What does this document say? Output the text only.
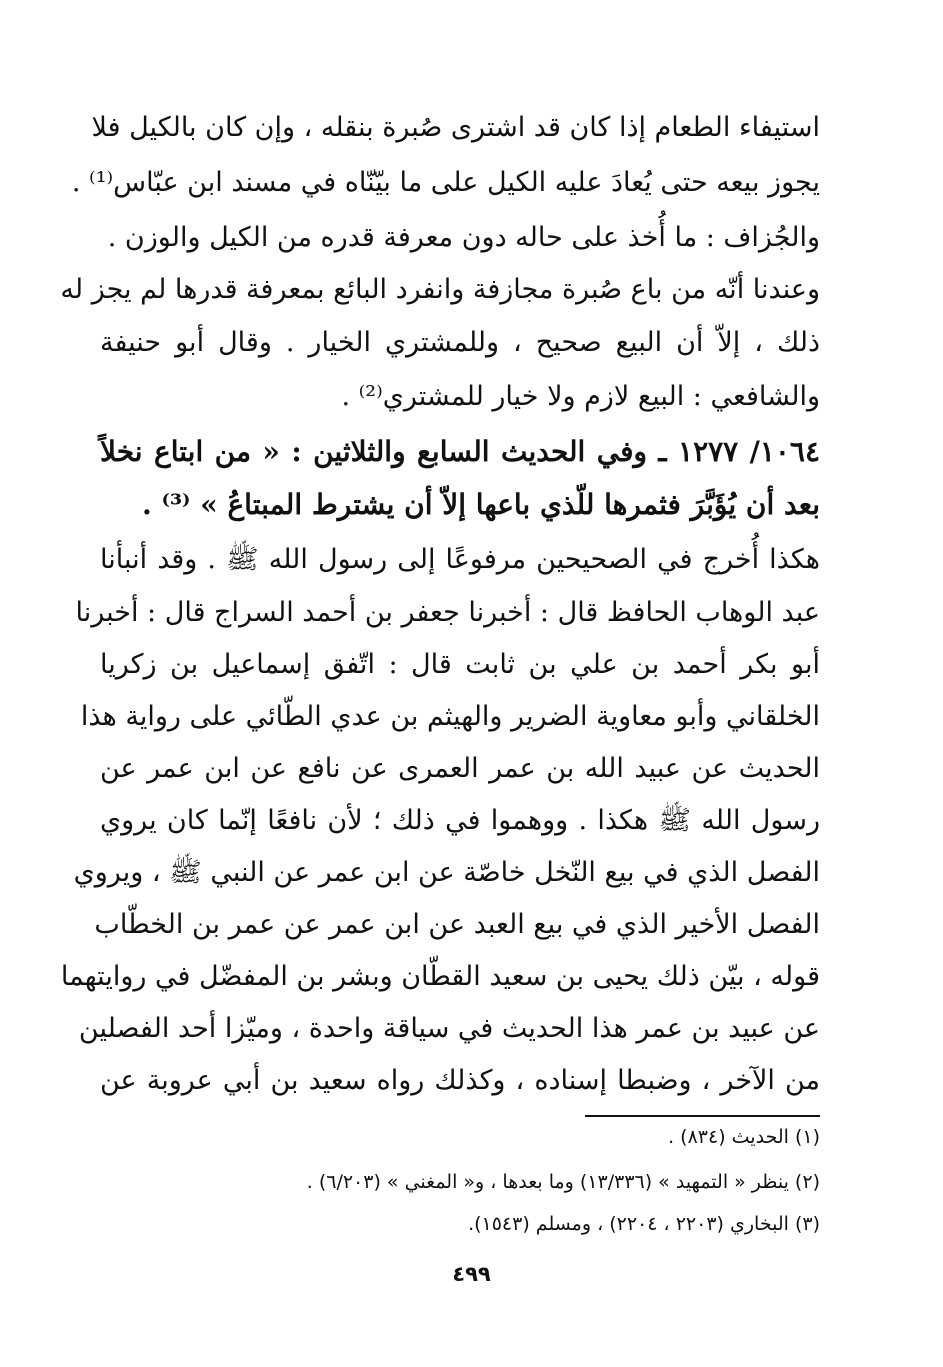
استيفاء الطعام إذا كان قد اشترى صُبرة بنقله ، وإن كان بالكيل فلا
يجوز بيعه حتى يُعادَ عليه الكيل على ما بيّنّاه في مسند ابن عبّاس⁽¹⁾ .
والجُزاف : ما أُخذ على حاله دون معرفة قدره من الكيل والوزن .
وعندنا أنّه من باع صُبرة مجازفة وانفرد البائع بمعرفة قدرها لم يجز له
ذلك ، إلاّ أن البيع صحيح ، وللمشتري الخيار . وقال أبو حنيفة
والشافعي : البيع لازم ولا خيار للمشتري⁽²⁾ .
١٠٦٤/ ١٢٧٧ ـ وفي الحديث السابع والثلاثين : « من ابتاع نخلاً
بعد أن يُؤَبَّرَ فثمرها للّذي باعها إلاّ أن يشترط المبتاعُ » ⁽³⁾ .
هكذا أُخرج في الصحيحين مرفوعًا إلى رسول الله ﷺ . وقد أنبأنا
عبد الوهاب الحافظ قال : أخبرنا جعفر بن أحمد السراج قال : أخبرنا
أبو بكر أحمد بن علي بن ثابت قال : اتّفق إسماعيل بن زكريا
الخلقاني وأبو معاوية الضرير والهيثم بن عدي الطّائي على رواية هذا
الحديث عن عبيد الله بن عمر العمرى عن نافع عن ابن عمر عن
رسول الله ﷺ هكذا . ووهموا في ذلك ؛ لأن نافعًا إنّما كان يروي
الفصل الذي في بيع النّخل خاصّة عن ابن عمر عن النبي ﷺ ، ويروي
الفصل الأخير الذي في بيع العبد عن ابن عمر عن عمر بن الخطّاب
قوله ، بيّن ذلك يحيى بن سعيد القطّان وبشر بن المفضّل في روايتهما
عن عبيد بن عمر هذا الحديث في سياقة واحدة ، وميّزا أحد الفصلين
من الآخر ، وضبطا إسناده ، وكذلك رواه سعيد بن أبي عروبة عن
(١) الحديث (٨٣٤) .
(٢) ينظر « التمهيد » (١٣/٣٣٦) وما بعدها ، و« المغني » (٦/٢٠٣) .
(٣) البخاري (٢٢٠٣ ، ٢٢٠٤) ، ومسلم (١٥٤٣).
٤٩٩
